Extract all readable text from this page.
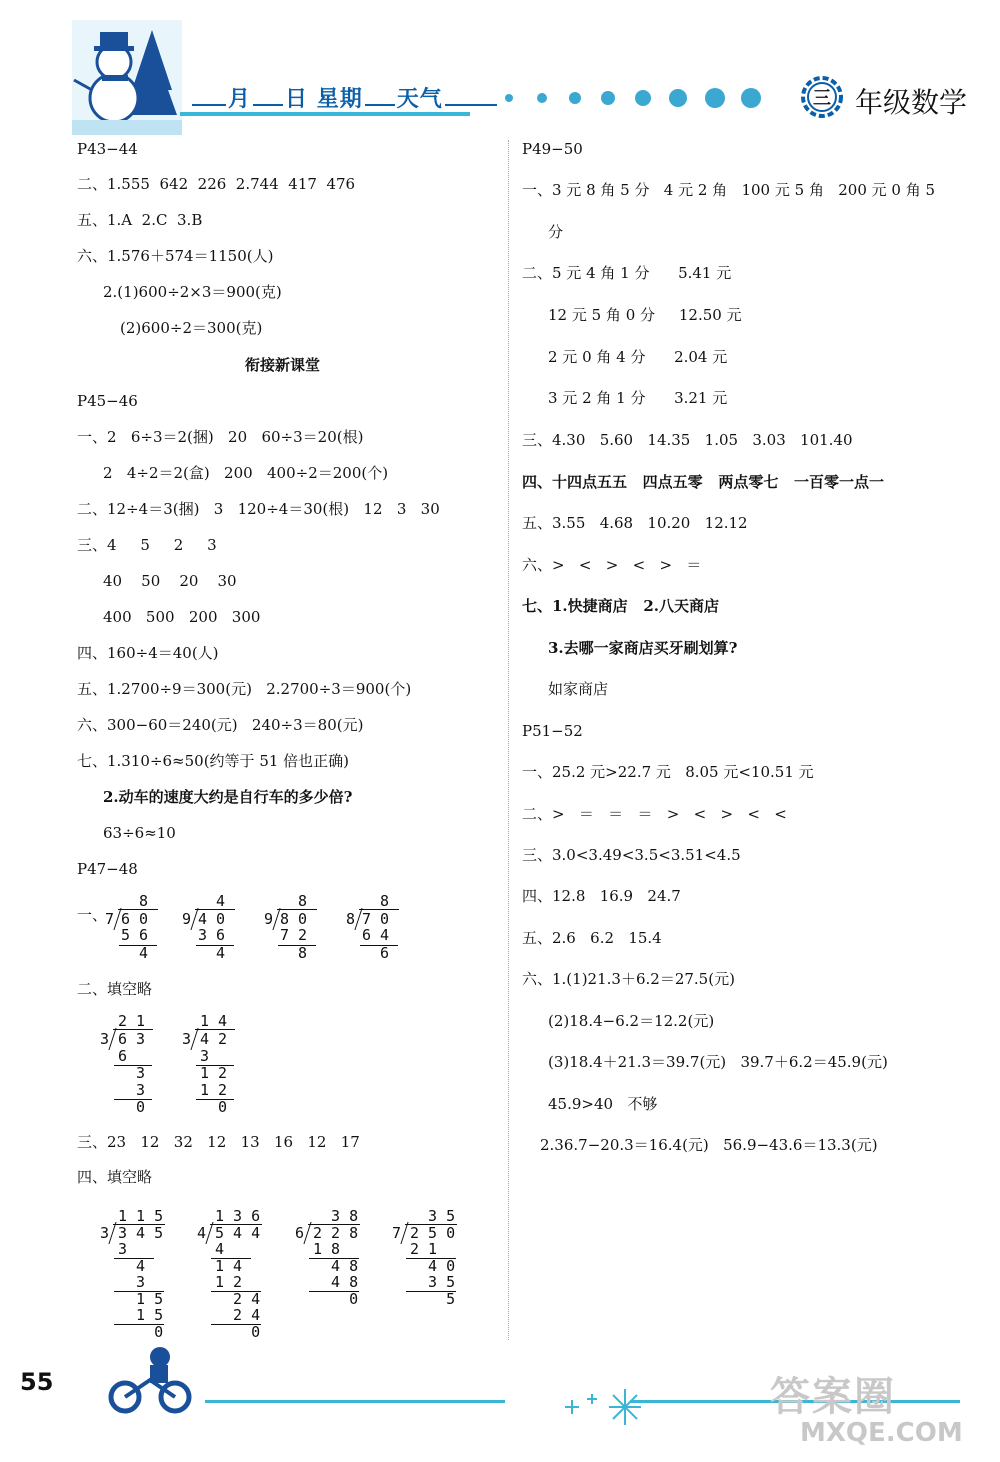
月 日 星期 天气	三 年级数学
P43−44
二、1.555  642  226  2.744  417  476
五、1.A  2.C  3.B
六、1.576＋574＝1150(人)
2.(1)600÷2×3＝900(克)
(2)600÷2＝300(克)
衔接新课堂
P45−46
一、2   6÷3＝2(捆)   20   60÷3＝20(根)
2   4÷2＝2(盒)   200   400÷2＝200(个)
二、12÷4＝3(捆)   3   120÷4＝30(根)   12   3   30
三、4     5     2     3
40    50    20    30
400   500   200   300
四、160÷4＝40(人)
五、1.2700÷9＝300(元)   2.2700÷3＝900(个)
六、300−60＝240(元)   240÷3＝80(元)
七、1.310÷6≈50(约等于 51 倍也正确)
2.动车的速度大约是自行车的多少倍?
63÷6≈10
P47−48
一、
8
7 6 0
5 6
4
4
9 4 0
3 6
4
8
9 8 0
7 2
8
8
8 7 0
6 4
6
二、填空略
2 1
3 6 3
6
3
3
0
1 4
3 4 2
3
1 2
1 2
0
三、23   12   32   12   13   16   12   17
四、填空略
1 1 5
3 3 4 5
3
4
3
1 5
1 5
0
1 3 6
4 5 4 4
4
1 4
1 2
2 4
2 4
0
3 8
6 2 2 8
1 8
4 8
4 8
0
3 5
7 2 5 0
2 1
4 0
3 5
5
P49−50
一、3 元 8 角 5 分   4 元 2 角   100 元 5 角   200 元 0 角 5
分
二、5 元 4 角 1 分      5.41 元
12 元 5 角 0 分     12.50 元
2 元 0 角 4 分      2.04 元
3 元 2 角 1 分      3.21 元
三、4.30   5.60   14.35   1.05   3.03   101.40
四、十四点五五   四点五零   两点零七   一百零一点一
五、3.55   4.68   10.20   12.12
六、>   <   >   <   >   ＝
七、1.快捷商店   2.八天商店
3.去哪一家商店买牙刷划算?
如家商店
P51−52
一、25.2 元>22.7 元   8.05 元<10.51 元
二、>   ＝   ＝   ＝   >   <   >   <   <
三、3.0<3.49<3.5<3.51<4.5
四、12.8   16.9   24.7
五、2.6   6.2   15.4
六、1.(1)21.3＋6.2＝27.5(元)
(2)18.4−6.2＝12.2(元)
(3)18.4＋21.3＝39.7(元)   39.7＋6.2＝45.9(元)
45.9>40   不够
2.36.7−20.3＝16.4(元)   56.9−43.6＝13.3(元)
55	答案圈
MXQE.COM
